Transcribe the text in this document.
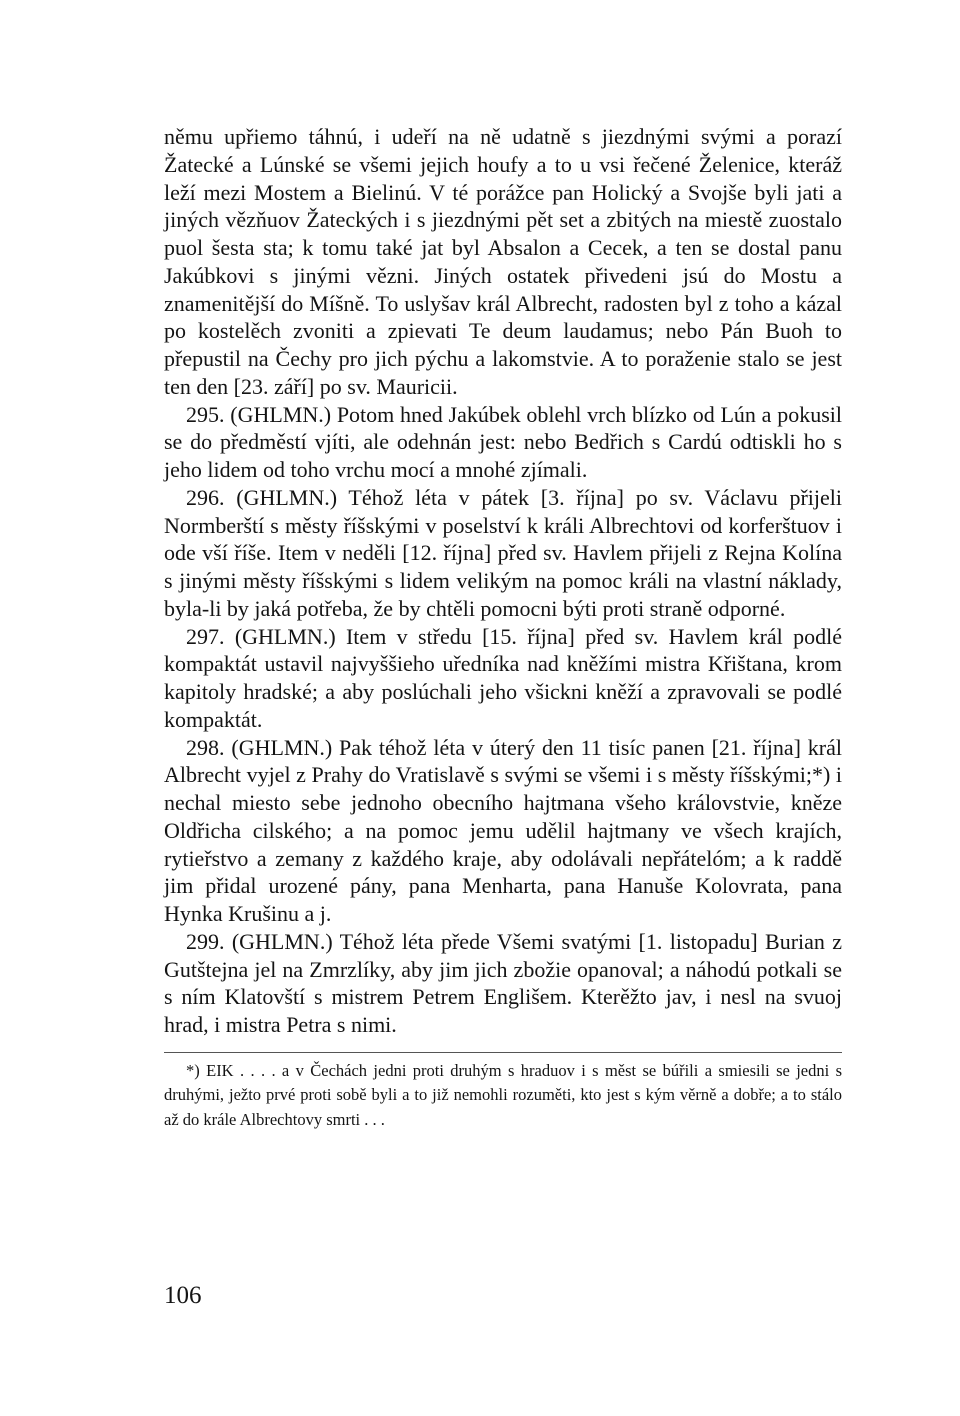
němu upřiemo táhnú, i udeří na ně udatně s jiezdnými svými a porazí Žatecké a Lúnské se všemi jejich houfy a to u vsi řečené Želenice, kteráž leží mezi Mostem a Bielinú. V té porážce pan Holický a Svojše byli jati a jiných vězňuov Žateckých i s jiezdnými pět set a zbitých na miestě zuostalo puol šesta sta; k tomu také jat byl Absalon a Cecek, a ten se dostal panu Jakúbkovi s jinými vězni. Jiných ostatek přivedeni jsú do Mostu a znamenitější do Míšně. To uslyšav král Albrecht, radosten byl z toho a kázal po kostelěch zvoniti a zpievati Te deum laudamus; nebo Pán Buoh to přepustil na Čechy pro jich pýchu a lakomstvie. A to poraženie stalo se jest ten den [23. září] po sv. Mauricii.

295. (GHLMN.) Potom hned Jakúbek oblehl vrch blízko od Lún a pokusil se do předměstí vjíti, ale odehnán jest: nebo Bedřich s Cardú odtiskli ho s jeho lidem od toho vrchu mocí a mnohé zjímali.

296. (GHLMN.) Téhož léta v pátek [3. října] po sv. Václavu přijeli Normberští s městy říšskými v poselství k králi Albrechtovi od korferštuov i ode vší říše. Item v neděli [12. října] před sv. Havlem přijeli z Rejna Kolína s jinými městy říšskými s lidem velikým na pomoc králi na vlastní náklady, byla-li by jaká potřeba, že by chtěli pomocni býti proti straně odporné.

297. (GHLMN.) Item v středu [15. října] před sv. Havlem král podlé kompaktát ustavil najvyššieho uředníka nad kněžími mistra Křištana, krom kapitoly hradské; a aby poslúchali jeho všickni kněží a zpravovali se podlé kompaktát.

298. (GHLMN.) Pak téhož léta v úterý den 11 tisíc panen [21. října] král Albrecht vyjel z Prahy do Vratislavě s svými se všemi i s městy říšskými;*) i nechal miesto sebe jednoho obecního hajtmana všeho královstvie, kněze Oldřicha cilského; a na pomoc jemu udělil hajtmany ve všech krajích, rytieřstvo a zemany z každého kraje, aby odolávali nepřátelóm; a k raddě jim přidal urozené pány, pana Menharta, pana Hanuše Kolovrata, pana Hynka Krušinu a j.

299. (GHLMN.) Téhož léta přede Všemi svatými [1. listopadu] Burian z Gutštejna jel na Zmrzlíky, aby jim jich zbožie opanoval; a náhodú potkali se s ním Klatovští s mistrem Petrem Englišem. Kterěžto jav, i nesl na svuoj hrad, i mistra Petra s nimi.

*) EIK . . . . a v Čechách jedni proti druhým s hraduov i s měst se búřili a smiesili se jedni s druhými, ježto prvé proti sobě byli a to již nemohli rozuměti, kto jest s kým věrně a dobře; a to stálo až do krále Albrechtovy smrti . . .

106
